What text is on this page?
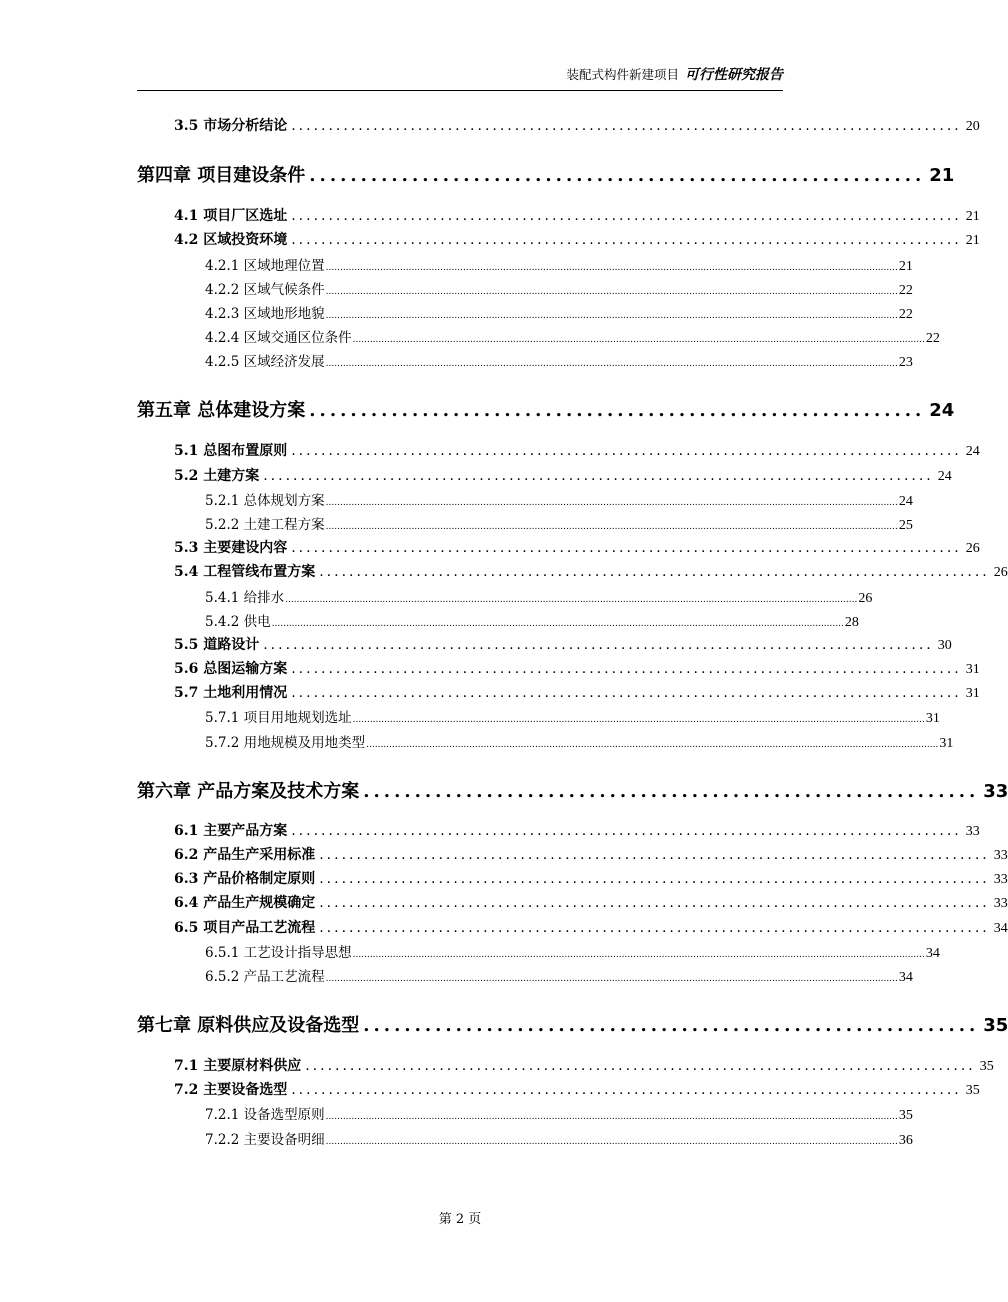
装配式构件新建项目 可行性研究报告
3.5 市场分析结论 .......................................................................................... 20
第四章 项目建设条件 ............................................................ 21
4.1 项目厂区选址 .......................................................................................... 21
4.2 区域投资环境 .......................................................................................... 21
4.2.1 区域地理位置 ........................................................................................................................................................................................................ 21
4.2.2 区域气候条件 ........................................................................................................................................................................................................ 22
4.2.3 区域地形地貌 ........................................................................................................................................................................................................ 22
4.2.4 区域交通区位条件 ........................................................................................................................................................................................................ 22
4.2.5 区域经济发展 ........................................................................................................................................................................................................ 23
第五章 总体建设方案 ............................................................ 24
5.1 总图布置原则 .......................................................................................... 24
5.2 土建方案 .......................................................................................... 24
5.2.1 总体规划方案 ........................................................................................................................................................................................................ 24
5.2.2 土建工程方案 ........................................................................................................................................................................................................ 25
5.3 主要建设内容 .......................................................................................... 26
5.4 工程管线布置方案 .......................................................................................... 26
5.4.1 给排水 ........................................................................................................................................................................................................ 26
5.4.2 供电 ........................................................................................................................................................................................................ 28
5.5 道路设计 .......................................................................................... 30
5.6 总图运输方案 .......................................................................................... 31
5.7 土地利用情况 .......................................................................................... 31
5.7.1 项目用地规划选址 ........................................................................................................................................................................................................ 31
5.7.2 用地规模及用地类型 ........................................................................................................................................................................................................ 31
第六章 产品方案及技术方案 ............................................................ 33
6.1 主要产品方案 .......................................................................................... 33
6.2 产品生产采用标准 .......................................................................................... 33
6.3 产品价格制定原则 .......................................................................................... 33
6.4 产品生产规模确定 .......................................................................................... 33
6.5 项目产品工艺流程 .......................................................................................... 34
6.5.1 工艺设计指导思想 ........................................................................................................................................................................................................ 34
6.5.2 产品工艺流程 ........................................................................................................................................................................................................ 34
第七章 原料供应及设备选型 ............................................................ 35
7.1 主要原材料供应 .......................................................................................... 35
7.2 主要设备选型 .......................................................................................... 35
7.2.1 设备选型原则 ........................................................................................................................................................................................................ 35
7.2.2 主要设备明细 ........................................................................................................................................................................................................ 36
第 2 页
